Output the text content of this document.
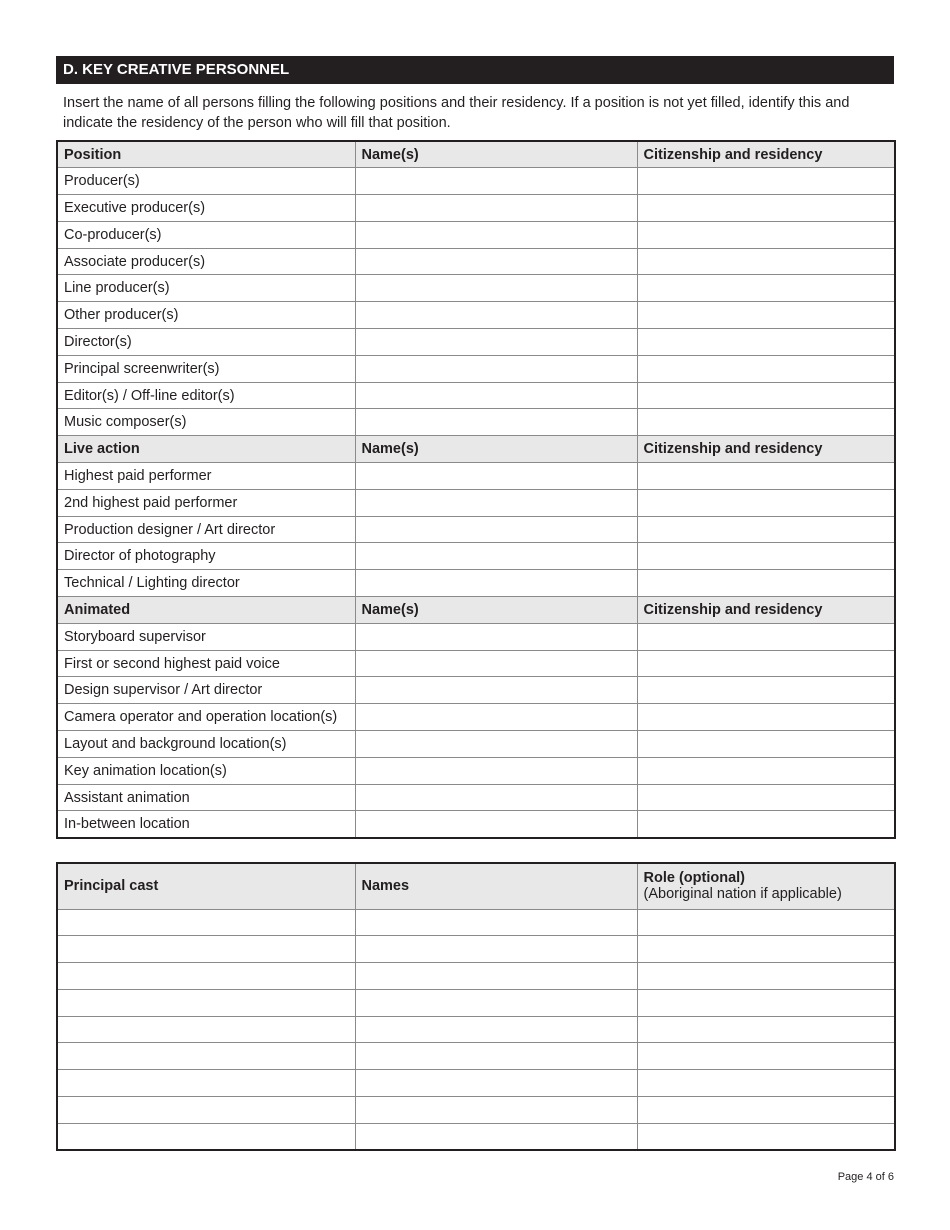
D. KEY CREATIVE PERSONNEL

Insert the name of all persons filling the following positions and their residency. If a position is not yet filled, identify this and indicate the residency of the person who will fill that position.

Position	Name(s)	Citizenship and residency
Producer(s)		
Executive producer(s)		
Co-producer(s)		
Associate producer(s)		
Line producer(s)		
Other producer(s)		
Director(s)		
Principal screenwriter(s)		
Editor(s) / Off-line editor(s)		
Music composer(s)		
Live action	Name(s)	Citizenship and residency
Highest paid performer		
2nd highest paid performer		
Production designer / Art director		
Director of photography		
Technical / Lighting director		
Animated	Name(s)	Citizenship and residency
Storyboard supervisor		
First or second highest paid voice		
Design supervisor / Art director		
Camera operator and operation location(s)		
Layout and background location(s)		
Key animation location(s)		
Assistant animation		
In-between location		
Principal cast	Names	Role (optional)
(Aboriginal nation if applicable)

Page 4 of 6
